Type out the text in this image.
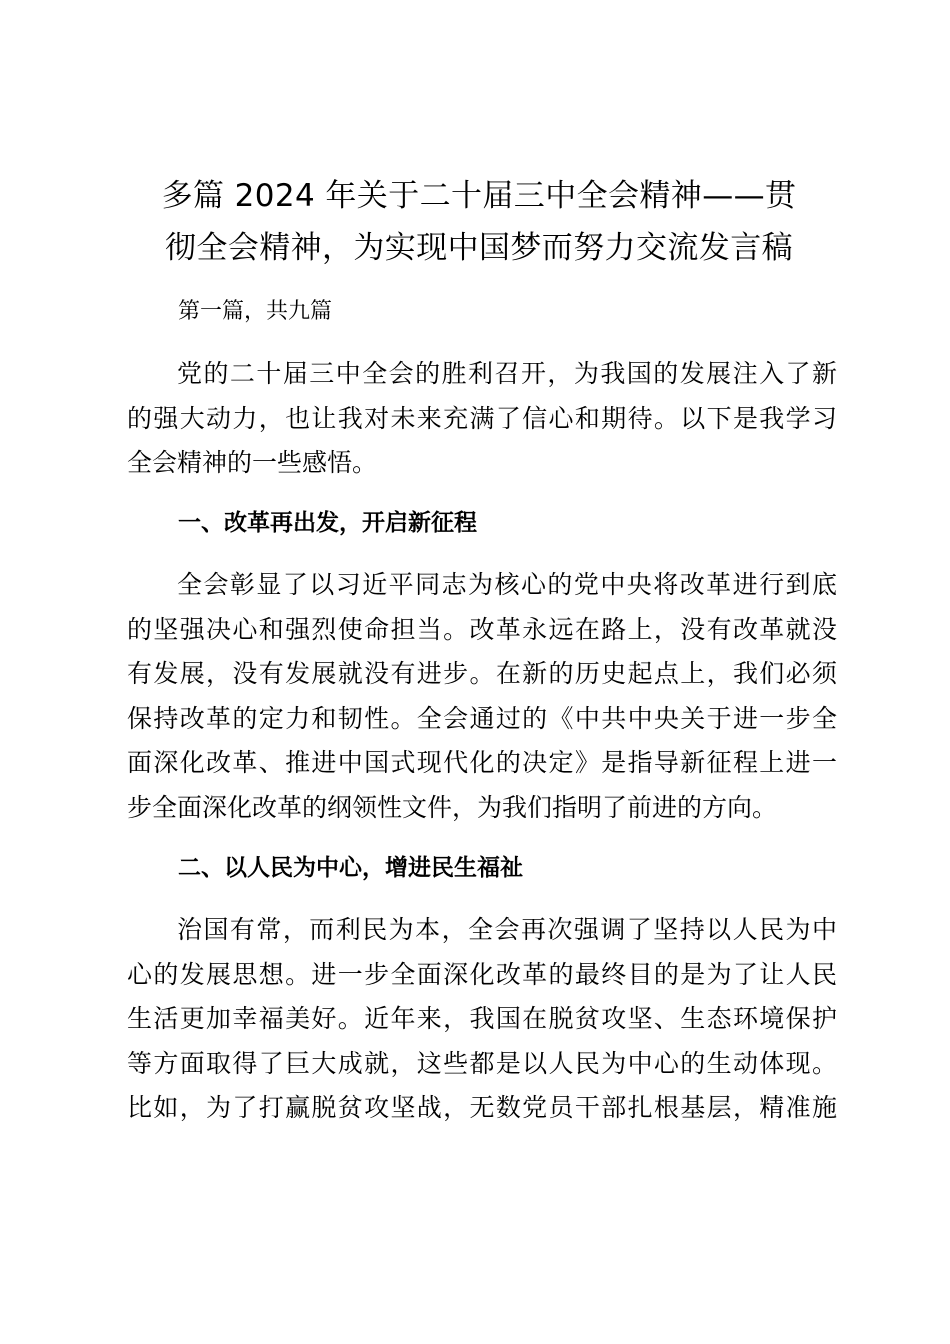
多篇 2024 年关于二十届三中全会精神——贯
彻全会精神，为实现中国梦而努力交流发言稿

第一篇，共九篇

党的二十届三中全会的胜利召开，为我国的发展注入了新
的强大动力，也让我对未来充满了信心和期待。以下是我学习
全会精神的一些感悟。

一、改革再出发，开启新征程

全会彰显了以习近平同志为核心的党中央将改革进行到底
的坚强决心和强烈使命担当。改革永远在路上，没有改革就没
有发展，没有发展就没有进步。在新的历史起点上，我们必须
保持改革的定力和韧性。全会通过的《中共中央关于进一步全
面深化改革、推进中国式现代化的决定》是指导新征程上进一
步全面深化改革的纲领性文件，为我们指明了前进的方向。

二、以人民为中心，增进民生福祉

治国有常，而利民为本，全会再次强调了坚持以人民为中
心的发展思想。进一步全面深化改革的最终目的是为了让人民
生活更加幸福美好。近年来，我国在脱贫攻坚、生态环境保护
等方面取得了巨大成就，这些都是以人民为中心的生动体现。
比如，为了打赢脱贫攻坚战，无数党员干部扎根基层，精准施
